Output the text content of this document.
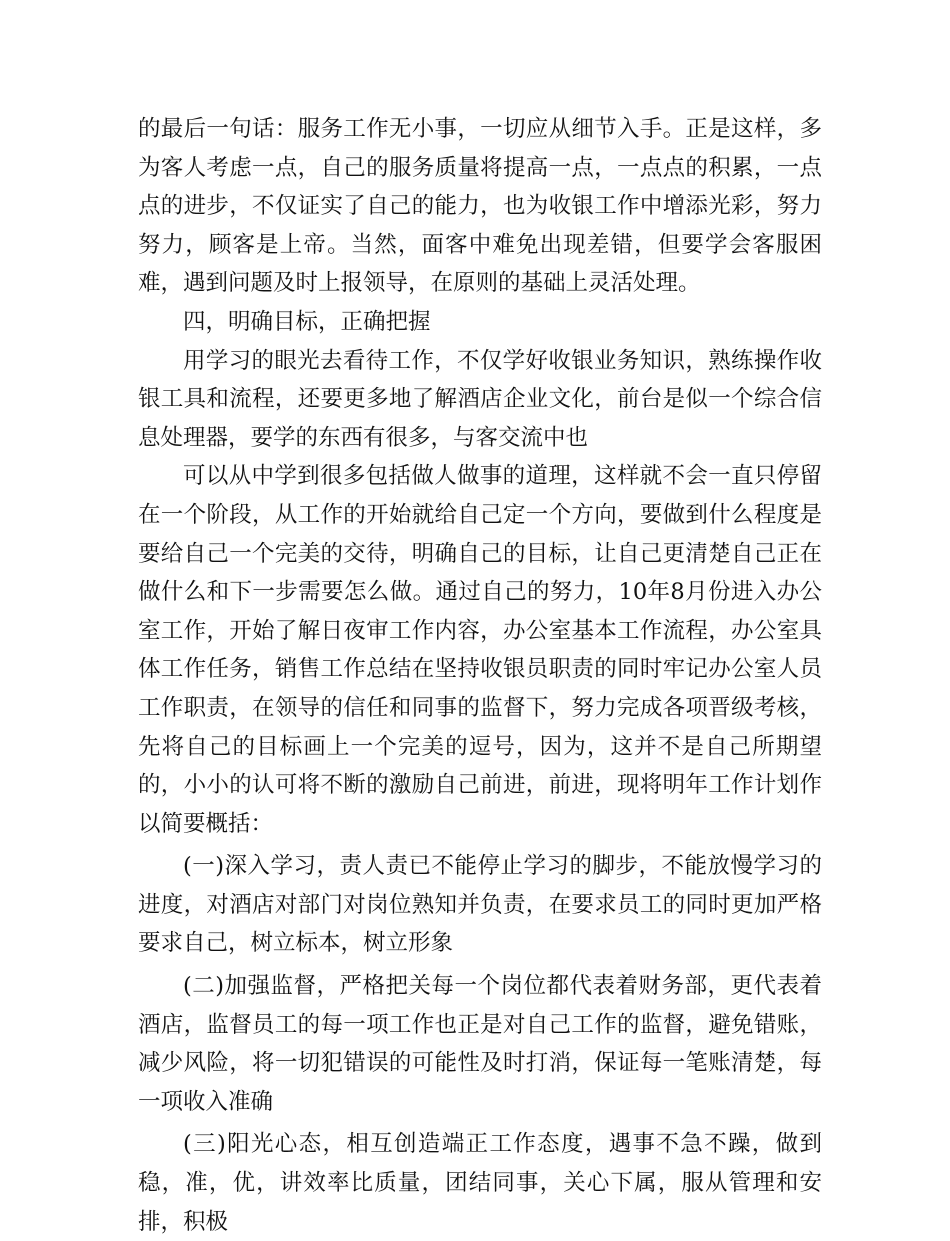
的最后一句话：服务工作无小事，一切应从细节入手。正是这样，多为客人考虑一点，自己的服务质量将提高一点，一点点的积累，一点点的进步，不仅证实了自己的能力，也为收银工作中增添光彩，努力努力，顾客是上帝。当然，面客中难免出现差错，但要学会客服困难，遇到问题及时上报领导，在原则的基础上灵活处理。

四，明确目标，正确把握

用学习的眼光去看待工作，不仅学好收银业务知识，熟练操作收银工具和流程，还要更多地了解酒店企业文化，前台是似一个综合信息处理器，要学的东西有很多，与客交流中也

可以从中学到很多包括做人做事的道理，这样就不会一直只停留在一个阶段，从工作的开始就给自己定一个方向，要做到什么程度是要给自己一个完美的交待，明确自己的目标，让自己更清楚自己正在做什么和下一步需要怎么做。通过自己的努力，10年8月份进入办公室工作，开始了解日夜审工作内容，办公室基本工作流程，办公室具体工作任务，销售工作总结在坚持收银员职责的同时牢记办公室人员工作职责，在领导的信任和同事的监督下，努力完成各项晋级考核，先将自己的目标画上一个完美的逗号，因为，这并不是自己所期望的，小小的认可将不断的激励自己前进，前进，现将明年工作计划作以简要概括：

(一)深入学习，责人责已不能停止学习的脚步，不能放慢学习的进度，对酒店对部门对岗位熟知并负责，在要求员工的同时更加严格要求自己，树立标本，树立形象

(二)加强监督，严格把关每一个岗位都代表着财务部，更代表着酒店，监督员工的每一项工作也正是对自己工作的监督，避免错账，减少风险，将一切犯错误的可能性及时打消，保证每一笔账清楚，每一项收入准确

(三)阳光心态，相互创造端正工作态度，遇事不急不躁，做到稳，准，优，讲效率比质量，团结同事，关心下属，服从管理和安排，积极
